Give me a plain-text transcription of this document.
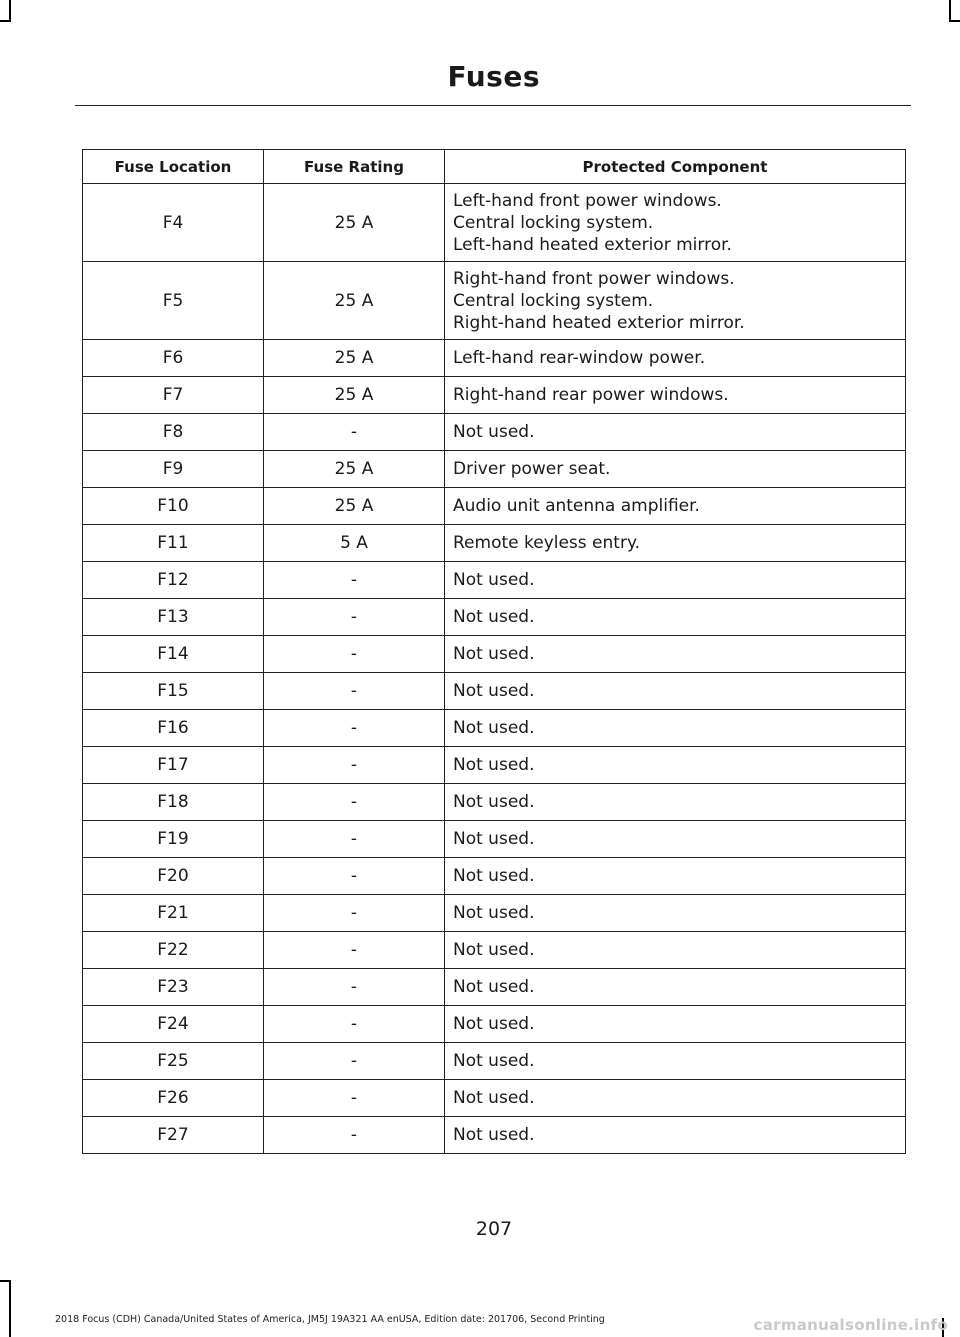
Fuses
Fuse Location	Fuse Rating	Protected Component
F4	25 A	Left-hand front power windows.
Central locking system.
Left-hand heated exterior mirror.

F5	25 A	Right-hand front power windows.
Central locking system.
Right-hand heated exterior mirror.

F6	25 A	Left-hand rear-window power.

F7	25 A	Right-hand rear power windows.

F8	-	Not used.

F9	25 A	Driver power seat.

F10	25 A	Audio unit antenna amplifier.

F11	5 A	Remote keyless entry.

F12	-	Not used.

F13	-	Not used.

F14	-	Not used.

F15	-	Not used.

F16	-	Not used.

F17	-	Not used.

F18	-	Not used.

F19	-	Not used.

F20	-	Not used.

F21	-	Not used.

F22	-	Not used.

F23	-	Not used.

F24	-	Not used.

F25	-	Not used.

F26	-	Not used.

F27	-	Not used.
207
2018 Focus (CDH) Canada/United States of America, JM5J 19A321 AA enUSA, Edition date: 201706, Second Printing	carmanualsonline.info
